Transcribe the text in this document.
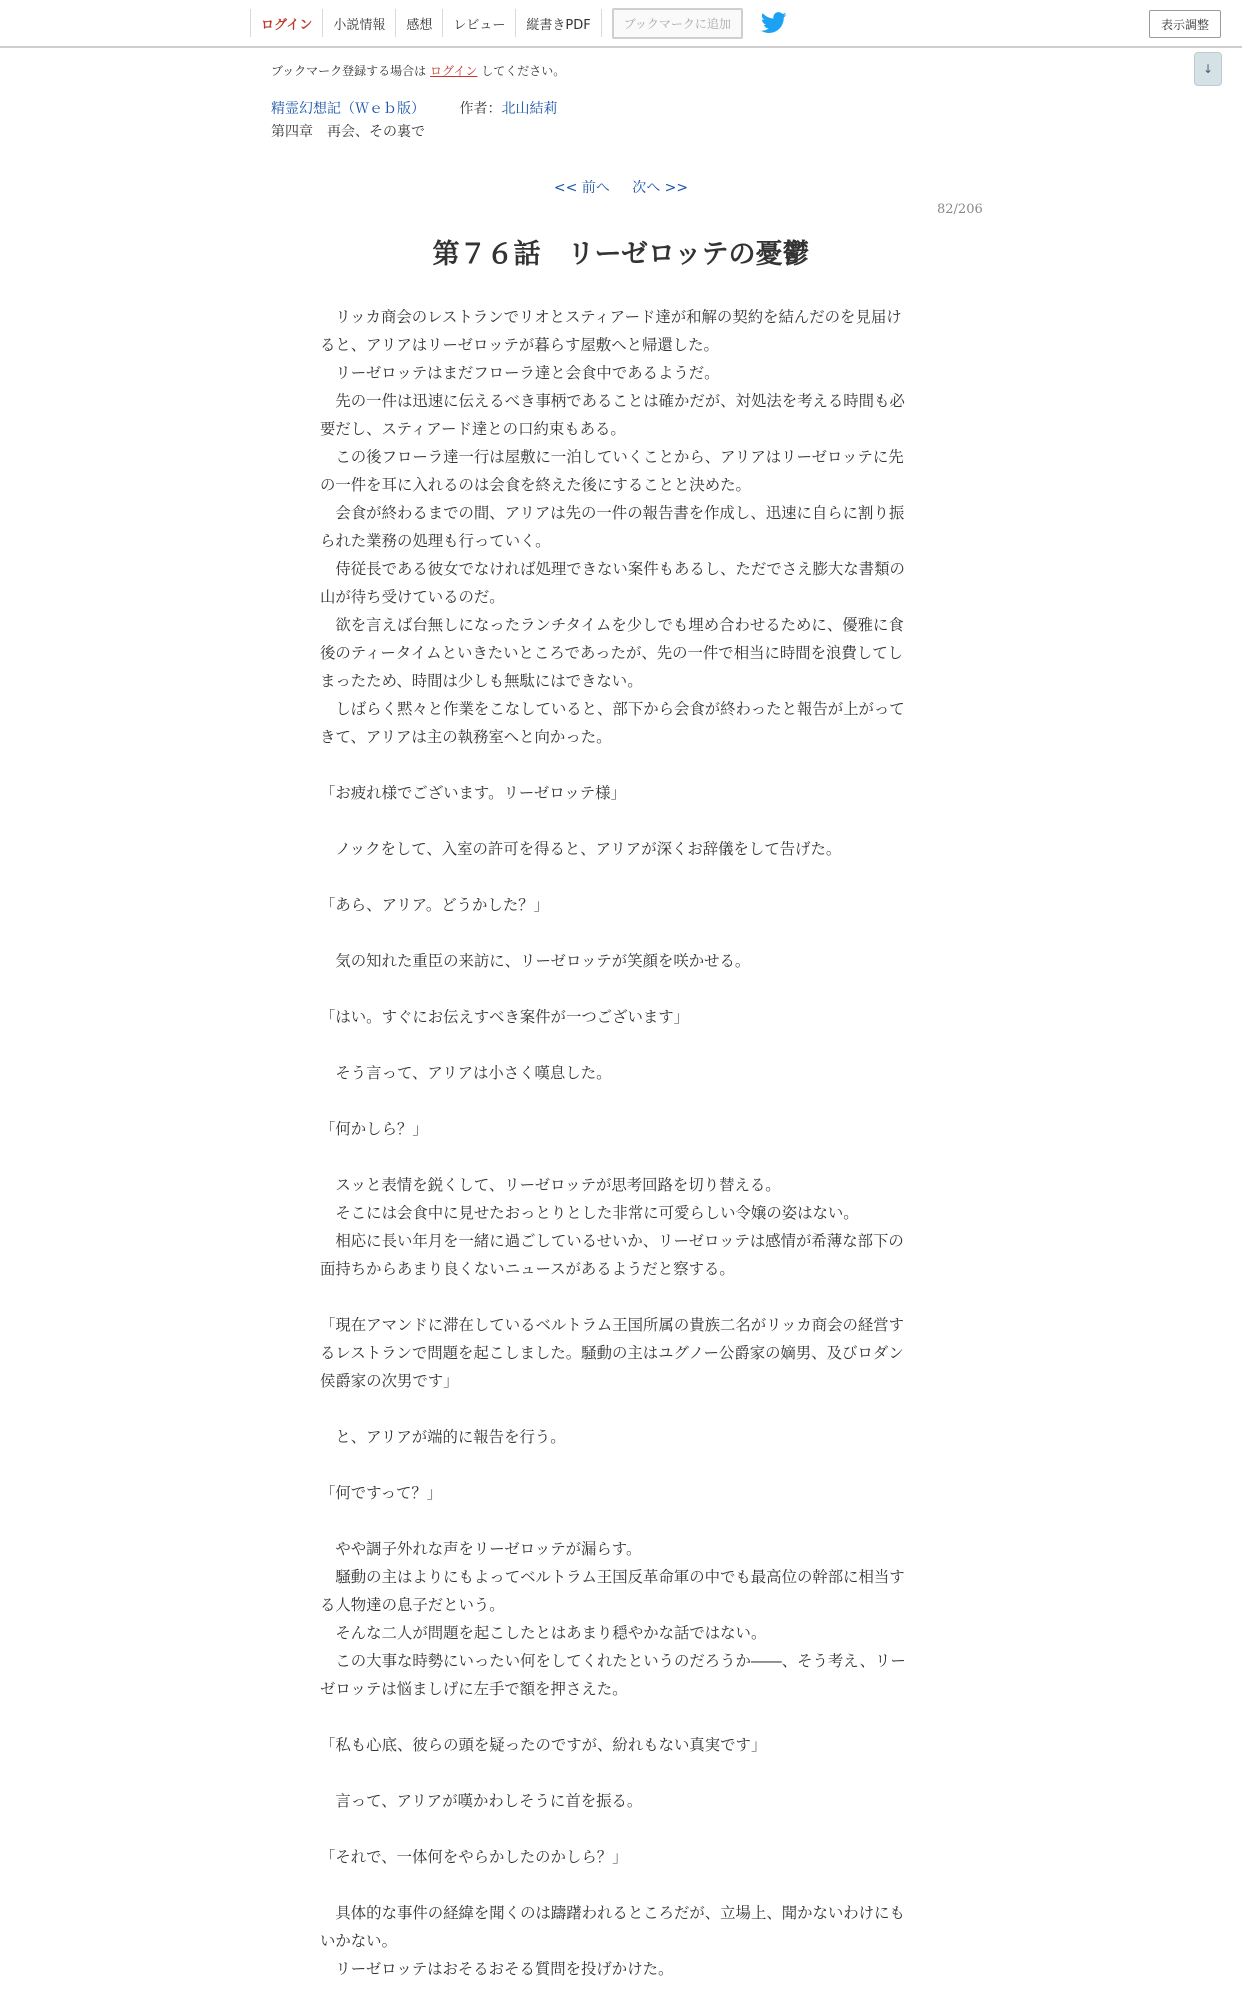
ログイン	小説情報	感想	レビュー	縦書きPDF	ブックマークに追加	表示調整
↓
ブックマーク登録する場合は ログイン してください。
精霊幻想記（Ｗｅｂ版） 作者：北山結莉
第四章　再会、その裏で
<< 前へ 次へ >>
82/206
第７６話　リーゼロッテの憂鬱

　リッカ商会のレストランでリオとスティアード達が和解の契約を結んだのを見届けると、アリアはリーゼロッテが暮らす屋敷へと帰還した。

　リーゼロッテはまだフローラ達と会食中であるようだ。

　先の一件は迅速に伝えるべき事柄であることは確かだが、対処法を考える時間も必要だし、スティアード達との口約束もある。

　この後フローラ達一行は屋敷に一泊していくことから、アリアはリーゼロッテに先の一件を耳に入れるのは会食を終えた後にすることと決めた。

　会食が終わるまでの間、アリアは先の一件の報告書を作成し、迅速に自らに割り振られた業務の処理も行っていく。

　侍従長である彼女でなければ処理できない案件もあるし、ただでさえ膨大な書類の山が待ち受けているのだ。

　欲を言えば台無しになったランチタイムを少しでも埋め合わせるために、優雅に食後のティータイムといきたいところであったが、先の一件で相当に時間を浪費してしまったため、時間は少しも無駄にはできない。

　しばらく黙々と作業をこなしていると、部下から会食が終わったと報告が上がってきて、アリアは主の執務室へと向かった。

「お疲れ様でございます。リーゼロッテ様」

　ノックをして、入室の許可を得ると、アリアが深くお辞儀をして告げた。

「あら、アリア。どうかした？」

　気の知れた重臣の来訪に、リーゼロッテが笑顔を咲かせる。

「はい。すぐにお伝えすべき案件が一つございます」

　そう言って、アリアは小さく嘆息した。

「何かしら？」

　スッと表情を鋭くして、リーゼロッテが思考回路を切り替える。

　そこには会食中に見せたおっとりとした非常に可愛らしい令嬢の姿はない。

　相応に長い年月を一緒に過ごしているせいか、リーゼロッテは感情が希薄な部下の面持ちからあまり良くないニュースがあるようだと察する。

「現在アマンドに滞在しているベルトラム王国所属の貴族二名がリッカ商会の経営するレストランで問題を起こしました。騒動の主はユグノー公爵家の嫡男、及びロダン侯爵家の次男です」

　と、アリアが端的に報告を行う。

「何ですって？」

　やや調子外れな声をリーゼロッテが漏らす。

　騒動の主はよりにもよってベルトラム王国反革命軍の中でも最高位の幹部に相当する人物達の息子だという。

　そんな二人が問題を起こしたとはあまり穏やかな話ではない。

　この大事な時勢にいったい何をしてくれたというのだろうか――、そう考え、リーゼロッテは悩ましげに左手で額を押さえた。

「私も心底、彼らの頭を疑ったのですが、紛れもない真実です」

　言って、アリアが嘆かわしそうに首を振る。

「それで、一体何をやらかしたのかしら？」

　具体的な事件の経緯を聞くのは躊躇われるところだが、立場上、聞かないわけにもいかない。

　リーゼロッテはおそるおそる質問を投げかけた。
